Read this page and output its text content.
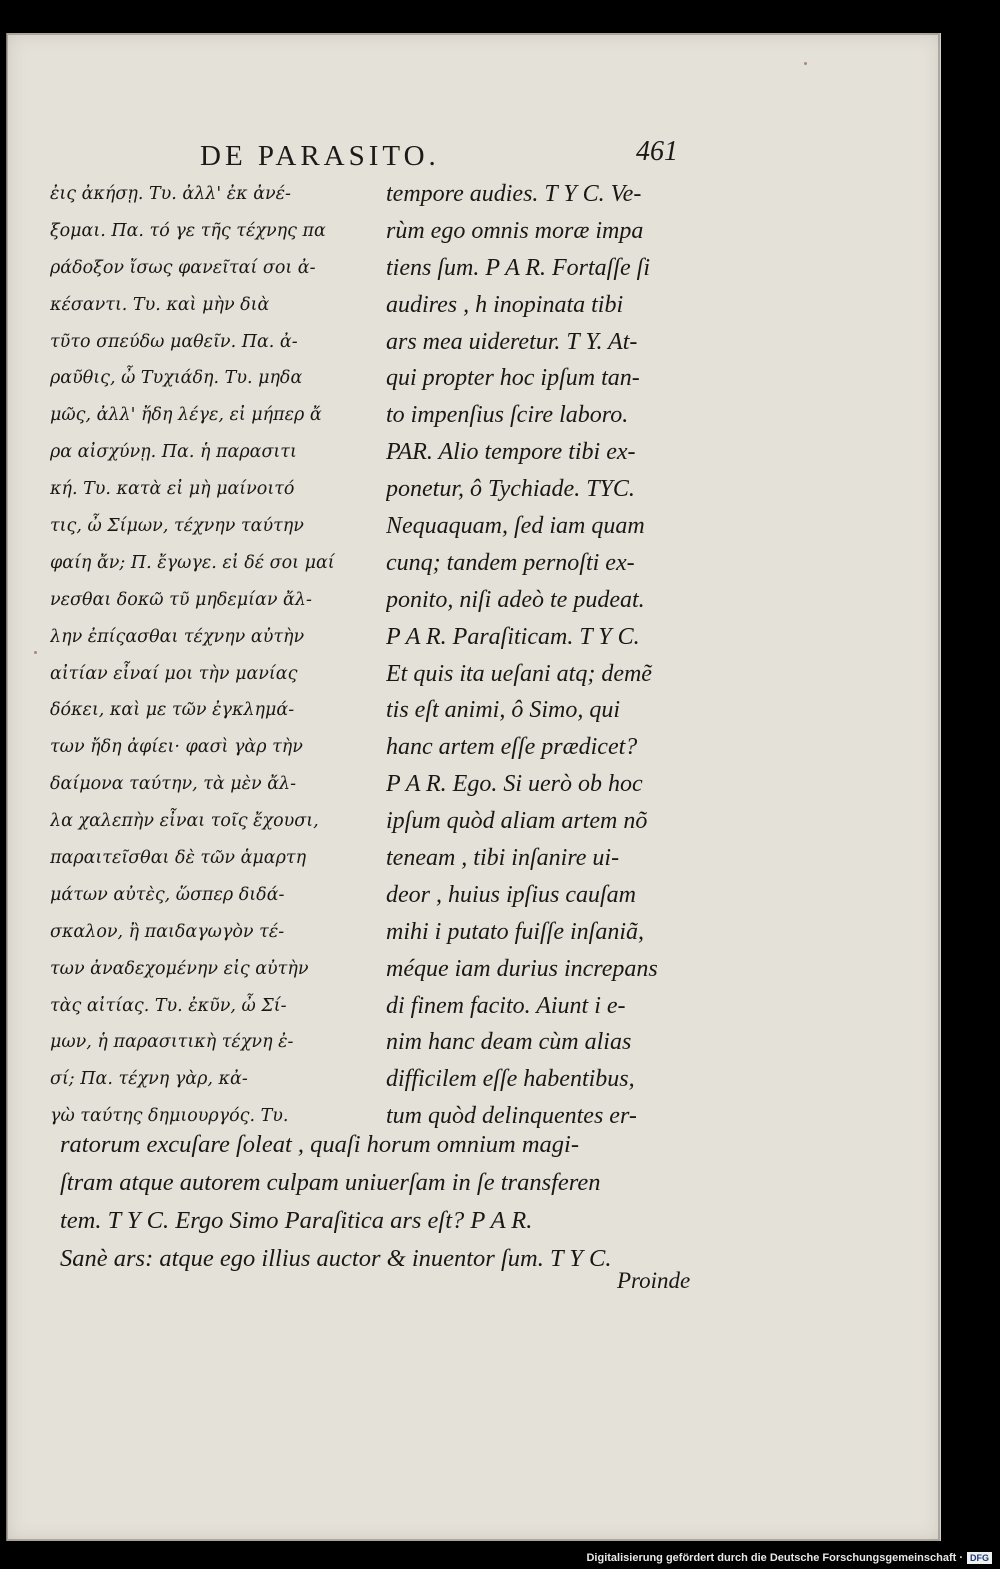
DE PARASITO.	461
ἐις ἀκήσῃ. Τυ. ἀλλ' ἐκ ἀνέ-
ξομαι. Πα. τό γε τῆς τέχνης πα
ράδοξον ἴσως φανεῖταί σοι ἀ-
κέσαντι. Τυ. καὶ μὴν διὰ
τῦτο σπεύδω μαθεῖν. Πα. ἀ-
ραῦθις, ὦ Τυχιάδη. Τυ. μηδα
μῶς, ἀλλ' ἤδη λέγε, εἰ μήπερ ἄ
ρα αἰσχύνῃ. Πα. ἡ παρασιτι
κή. Τυ. κατὰ εἰ μὴ μαίνοιτό
τις, ὦ Σίμων, τέχνην ταύτην
φαίη ἄν; Π. ἔγωγε. εἰ δέ σοι μαί
νεσθαι δοκῶ τῦ μηδεμίαν ἄλ-
λην ἐπίςασθαι τέχνην αὐτὴν
αἰτίαν εἶναί μοι τὴν μανίας
δόκει, καὶ με τῶν ἐγκλημά-
των ἤδη ἀφίει· φασὶ γὰρ τὴν
δαίμονα ταύτην, τὰ μὲν ἄλ-
λα χαλεπὴν εἶναι τοῖς ἔχουσι,
παραιτεῖσθαι δὲ τῶν ἁμαρτη
μάτων αὐτὲς, ὥσπερ διδά-
σκαλον, ἢ παιδαγωγὸν τέ-
των ἀναδεχομένην εἰς αὐτὴν
τὰς αἰτίας. Τυ. ἐκῦν, ὦ Σί-
μων, ἡ παρασιτικὴ τέχνη ἐ-
σί; Πα. τέχνη γὰρ, κἀ-
γὼ ταύτης δημιουργός. Τυ.
tempore audies. T Y C. Ve-
rùm ego omnis moræ impa
tiens ſum. P A R. Fortaſſe ſi
audires , h inopinata tibi
ars mea uideretur. T Y. At-
qui propter hoc ipſum tan-
to impenſius ſcire laboro.
PAR. Alio tempore tibi ex-
ponetur, ô Tychiade. TYC.
Nequaquam, ſed iam quam
cunq; tandem pernoſti ex-
ponito, niſi adeò te pudeat.
P A R. Paraſiticam. T Y C.
Et quis ita ueſani atq; demẽ
tis eſt animi, ô Simo, qui
hanc artem eſſe prædicet?
P A R. Ego. Si uerò ob hoc
ipſum quòd aliam artem nõ
teneam , tibi inſanire ui-
deor , huius ipſius cauſam
mihi i putato fuiſſe inſaniã,
méque iam durius increpans
di finem facito. Aiunt i e-
nim hanc deam cùm alias
difficilem eſſe habentibus,
tum quòd delinquentes er-
ratorum excuſare ſoleat , quaſi horum omnium magi-
ſtram atque autorem culpam uniuerſam in ſe transferen
tem. T Y C. Ergo Simo Paraſitica ars eſt? P A R.
Sanè ars: atque ego illius auctor & inuentor ſum. T Y C.
Proinde
Digitalisierung gefördert durch die Deutsche Forschungsgemeinschaft · DFG
